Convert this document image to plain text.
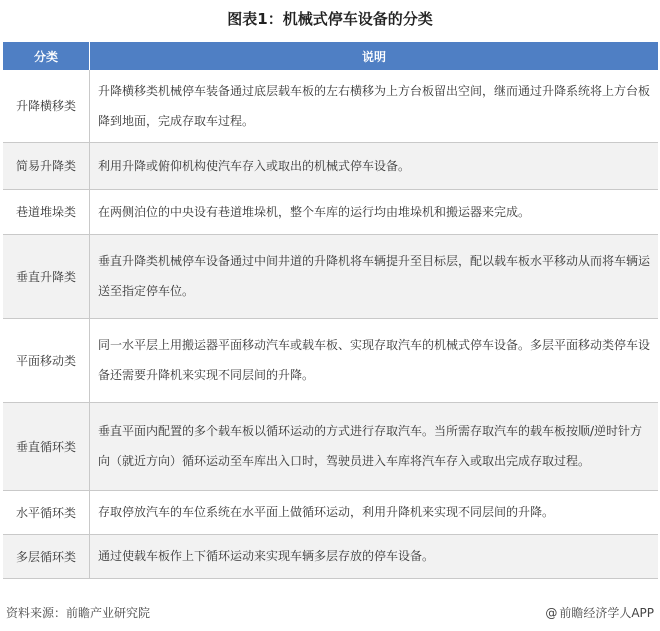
图表1：机械式停车设备的分类
分类	说明
升降横移类	升降横移类机械停车装备通过底层载车板的左右横移为上方台板留出空间，继而通过升降系统将上方台板降到地面，完成存取车过程。
简易升降类	利用升降或俯仰机构使汽车存入或取出的机械式停车设备。
巷道堆垛类	在两侧泊位的中央设有巷道堆垛机，整个车库的运行均由堆垛机和搬运器来完成。
垂直升降类	垂直升降类机械停车设备通过中间井道的升降机将车辆提升至目标层，配以载车板水平移动从而将车辆运送至指定停车位。
平面移动类	同一水平层上用搬运器平面移动汽车或载车板、实现存取汽车的机械式停车设备。多层平面移动类停车设备还需要升降机来实现不同层间的升降。
垂直循环类	垂直平面内配置的多个载车板以循环运动的方式进行存取汽车。当所需存取汽车的载车板按顺/逆时针方向（就近方向）循环运动至车库出入口时，驾驶员进入车库将汽车存入或取出完成存取过程。
水平循环类	存取停放汽车的车位系统在水平面上做循环运动，利用升降机来实现不同层间的升降。
多层循环类	通过使载车板作上下循环运动来实现车辆多层存放的停车设备。
资料来源：前瞻产业研究院	@ 前瞻经济学人APP
